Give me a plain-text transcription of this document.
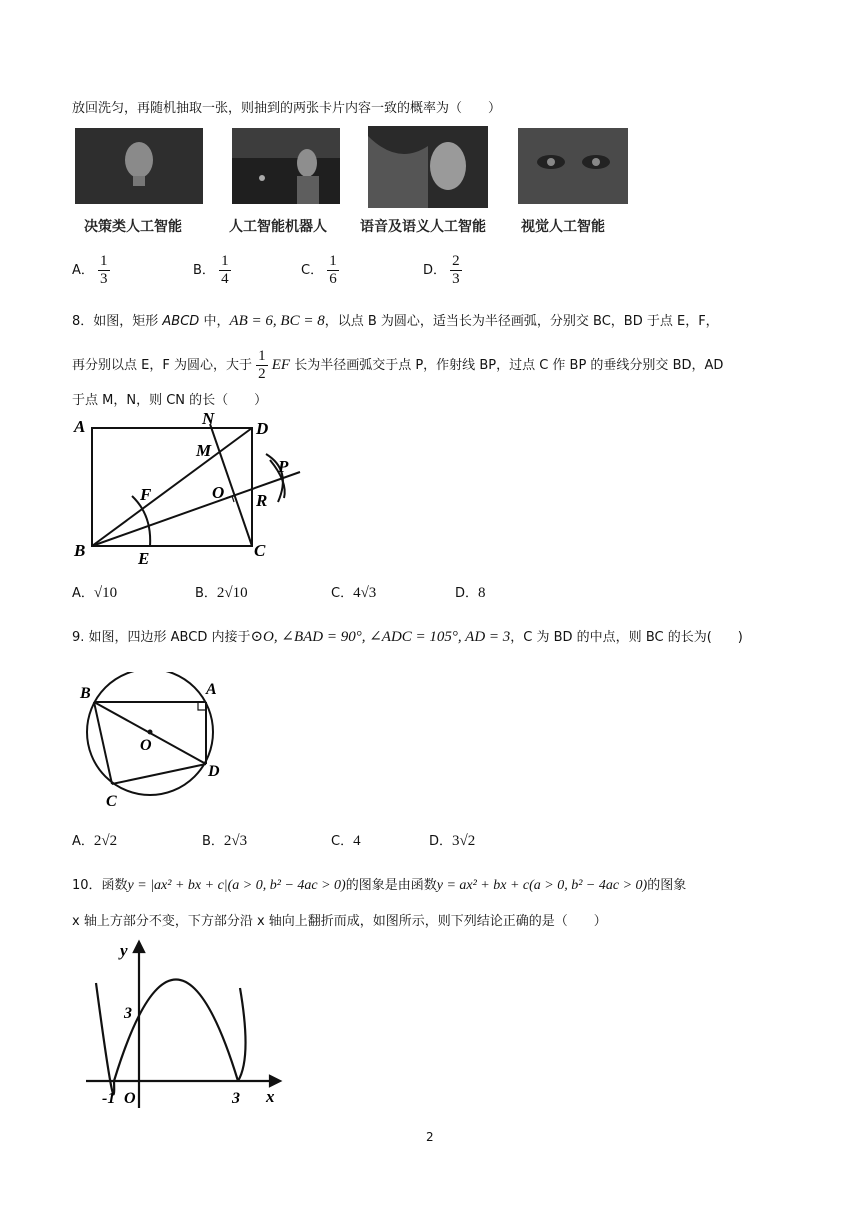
放回洗匀，再随机抽取一张，则抽到的两张卡片内容一致的概率为（　　）
决策类人工智能	人工智能机器人 语音及语义人工智能	视觉人工智能
A． $\frac{1}{3}$	B． $\frac{1}{4}$	C． $\frac{1}{6}$	D． $\frac{2}{3}$
8．如图，矩形 ABCD 中，AB = 6, BC = 8，以点 B 为圆心，适当长为半径画弧，分别交 BC，BD 于点 E，F，
再分别以点 E，F 为圆心，大于 $\frac{1}{2}$ EF 长为半径画弧交于点 P，作射线 BP，过点 C 作 BP 的垂线分别交 BD，AD
于点 M，N，则 CN 的长（　　）
A	N
D
M
P
F	O R
B	E	C
A．√10	B．2√10	C．4√3	D．8
9. 如图，四边形 ABCD 内接于⊙O, ∠BAD = 90°, ∠ADC = 105°, AD = 3，C 为 BD 的中点，则 BC 的长为(　　)
B	A
O
D
C
A．2√2	B．2√3	C．4	D．3√2
10．函数y = |ax² + bx + c|(a > 0, b² − 4ac > 0)的图象是由函数y = ax² + bx + c(a > 0, b² − 4ac > 0)的图象
x 轴上方部分不变，下方部分沿 x 轴向上翻折而成，如图所示，则下列结论正确的是（　　）
y
3
-1 O	3 x
2
